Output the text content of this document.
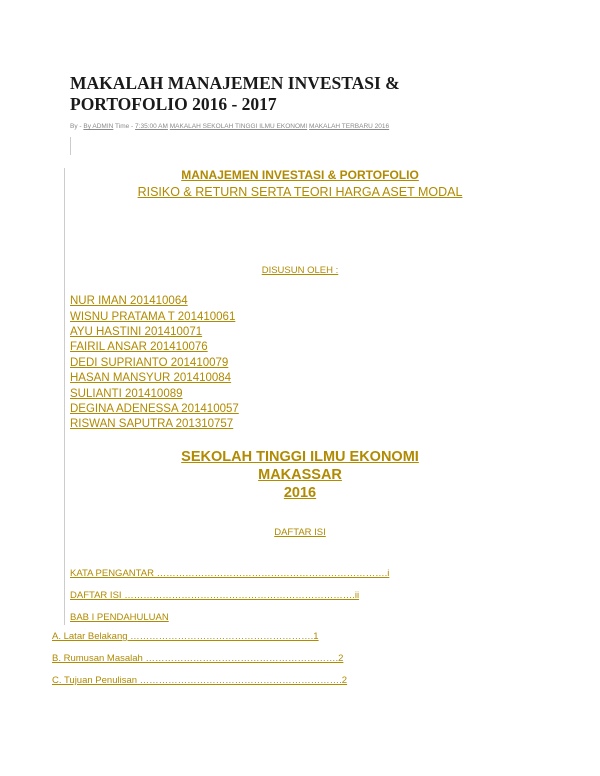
MAKALAH MANAJEMEN INVESTASI &
PORTOFOLIO 2016 - 2017
By - By ADMIN Time - 7:35:00 AM MAKALAH SEKOLAH TINGGI ILMU EKONOMI MAKALAH TERBARU 2016
MANAJEMEN INVESTASI & PORTOFOLIO
RISIKO & RETURN SERTA TEORI HARGA ASET MODAL
DISUSUN OLEH :
NUR IMAN 201410064
WISNU PRATAMA T 201410061
AYU HASTINI 201410071
FAIRIL ANSAR 201410076
DEDI SUPRIANTO 201410079
HASAN MANSYUR 201410084
SULIANTI 201410089
DEGINA ADENESSA 201410057
RISWAN SAPUTRA 201310757
SEKOLAH TINGGI ILMU EKONOMI
MAKASSAR
2016
DAFTAR ISI
KATA PENGANTAR ……………………………………………………………….i
DAFTAR ISI ……………………………………………………………….ii
BAB I PENDAHULUAN
A. Latar Belakang ………………………………………………….1
B. Rumusan Masalah …………………………………………………….2
C. Tujuan Penulisan ……………………………………………………….2
